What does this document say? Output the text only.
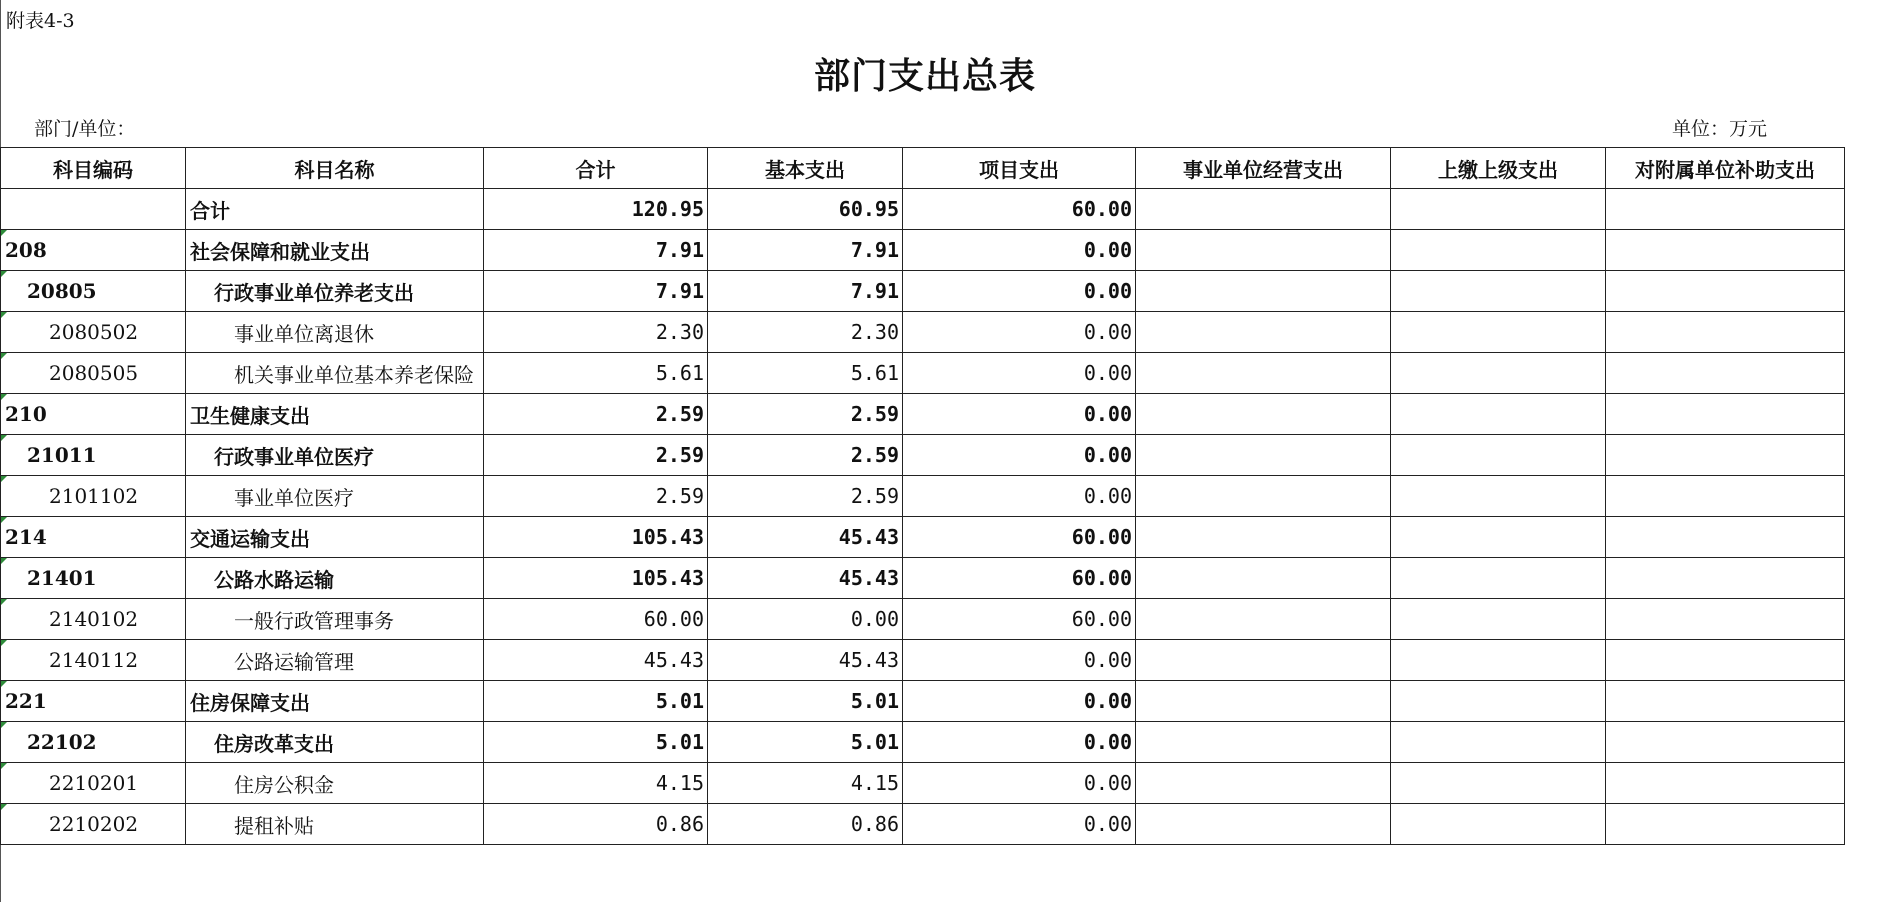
附表4-3
部门支出总表
部门/单位：	单位：万元
科目编码	科目名称	合计	基本支出	项目支出	事业单位经营支出	上缴上级支出	对附属单位补助支出
	合计	120.95	60.95	60.00			

208	社会保障和就业支出	7.91	7.91	0.00			

20805	行政事业单位养老支出	7.91	7.91	0.00			

2080502	事业单位离退休	2.30	2.30	0.00			

2080505	机关事业单位基本养老保险	5.61	5.61	0.00			

210	卫生健康支出	2.59	2.59	0.00			

21011	行政事业单位医疗	2.59	2.59	0.00			

2101102	事业单位医疗	2.59	2.59	0.00			

214	交通运输支出	105.43	45.43	60.00			

21401	公路水路运输	105.43	45.43	60.00			

2140102	一般行政管理事务	60.00	0.00	60.00			

2140112	公路运输管理	45.43	45.43	0.00			

221	住房保障支出	5.01	5.01	0.00			

22102	住房改革支出	5.01	5.01	0.00			

2210201	住房公积金	4.15	4.15	0.00			

2210202	提租补贴	0.86	0.86	0.00			
